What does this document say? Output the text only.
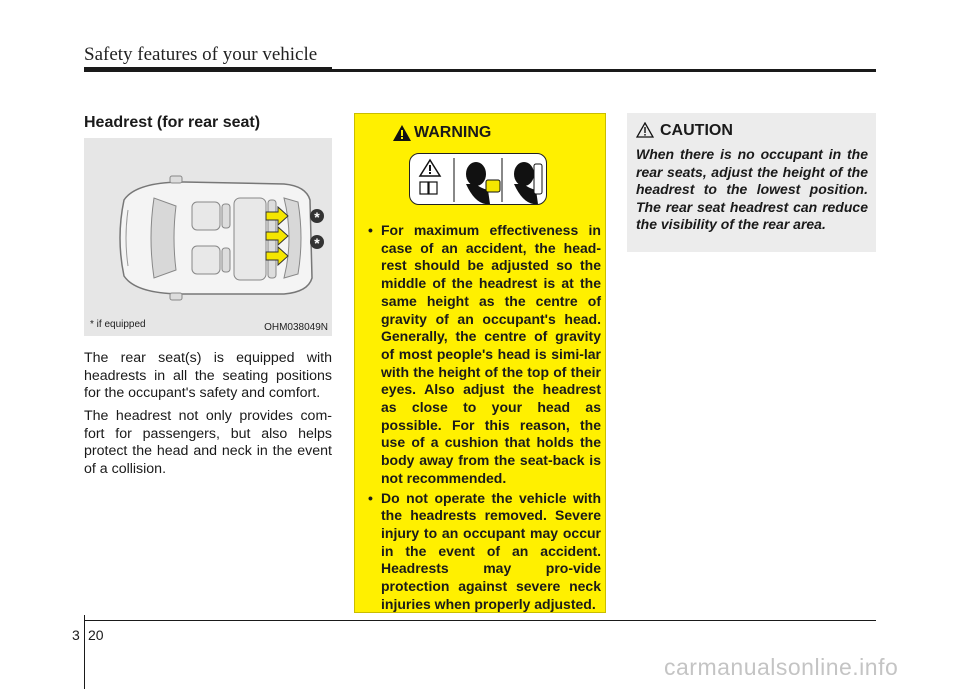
Safety features of your vehicle
Headrest (for rear seat)
*
*
* if equipped	OHM038049N

The rear seat(s) is equipped with headrests in all the seating positions for the occupant's safety and comfort.

The headrest not only provides com-fort for passengers, but also helps protect the head and neck in the event of a collision.

WARNING
• For maximum effectiveness in case of an accident, the head-rest should be adjusted so the middle of the headrest is at the same height as the centre of gravity of an occupant's head. Generally, the centre of gravity of most people's head is simi-lar with the height of the top of their eyes. Also adjust the headrest as close to your head as possible. For this reason, the use of a cushion that holds the body away from the seat-back is not recommended.
• Do not operate the vehicle with the headrests removed. Severe injury to an occupant may occur in the event of an accident. Headrests may pro-vide protection against severe neck injuries when properly adjusted.
CAUTION

When there is no occupant in the rear seats, adjust the height of the headrest to the lowest position. The rear seat headrest can reduce the visibility of the rear area.

3 20
carmanualsonline.info
